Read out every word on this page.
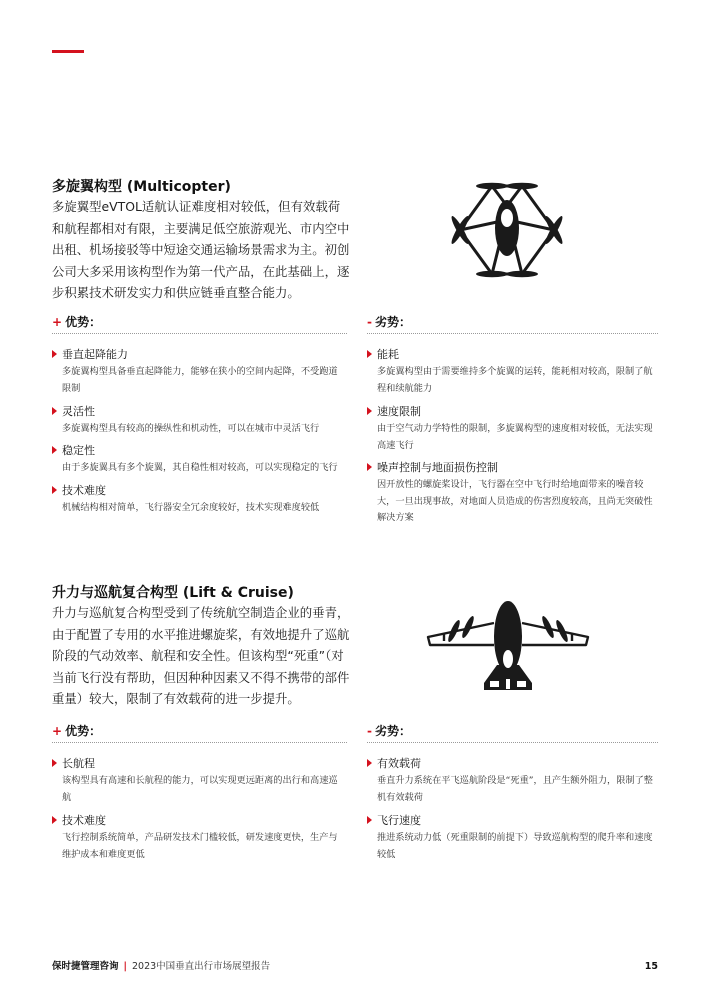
多旋翼构型 (Multicopter)
多旋翼型eVTOL适航认证难度相对较低，但有效载荷和航程都相对有限，主要满足低空旅游观光、市内空中出租、机场接驳等中短途交通运输场景需求为主。初创公司大多采用该构型作为第一代产品，在此基础上，逐步积累技术研发实力和供应链垂直整合能力。
+ 优势：	- 劣势：
垂直起降能力
多旋翼构型具备垂直起降能力，能够在狭小的空间内起降，不受跑道限制
灵活性
多旋翼构型具有较高的操纵性和机动性，可以在城市中灵活飞行
稳定性
由于多旋翼具有多个旋翼，其自稳性相对较高，可以实现稳定的飞行
技术难度
机械结构相对简单，飞行器安全冗余度较好，技术实现难度较低
能耗
多旋翼构型由于需要维持多个旋翼的运转，能耗相对较高，限制了航程和续航能力
速度限制
由于空气动力学特性的限制，多旋翼构型的速度相对较低，无法实现高速飞行
噪声控制与地面损伤控制
因开放性的螺旋桨设计，飞行器在空中飞行时给地面带来的噪音较大，一旦出现事故，对地面人员造成的伤害烈度较高，且尚无突破性解决方案
升力与巡航复合构型 (Lift & Cruise)
升力与巡航复合构型受到了传统航空制造企业的垂青，由于配置了专用的水平推进螺旋桨，有效地提升了巡航阶段的气动效率、航程和安全性。但该构型“死重”（对当前飞行没有帮助，但因种种因素又不得不携带的部件重量）较大，限制了有效载荷的进一步提升。
+ 优势：	- 劣势：
长航程
该构型具有高速和长航程的能力，可以实现更远距离的出行和高速巡航
技术难度
飞行控制系统简单，产品研发技术门槛较低，研发速度更快，生产与维护成本和难度更低
有效载荷
垂直升力系统在平飞巡航阶段是“死重”，且产生额外阻力，限制了整机有效载荷
飞行速度
推进系统动力低（死重限制的前提下）导致巡航构型的爬升率和速度较低
保时捷管理咨询 | 2023中国垂直出行市场展望报告	15
